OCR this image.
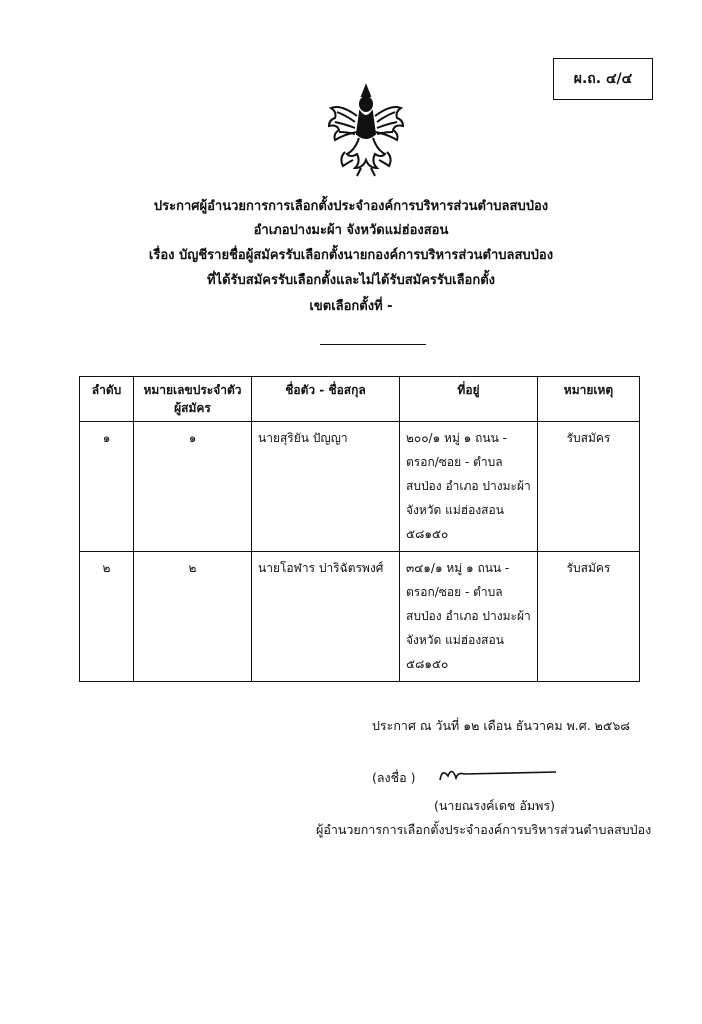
ผ.ถ. ๔/๔
ประกาศผู้อำนวยการการเลือกตั้งประจำองค์การบริหารส่วนตำบลสบป่อง
อำเภอปางมะผ้า จังหวัดแม่ฮ่องสอน
เรื่อง บัญชีรายชื่อผู้สมัครรับเลือกตั้งนายกองค์การบริหารส่วนตำบลสบป่อง
ที่ได้รับสมัครรับเลือกตั้งและไม่ได้รับสมัครรับเลือกตั้ง
เขตเลือกตั้งที่ -
ลำดับ	หมายเลขประจำตัว ผู้สมัคร	ชื่อตัว - ชื่อสกุล	ที่อยู่	หมายเหตุ

๑	๑	นายสุริยัน ปัญญา	๒๐๐/๑ หมู่ ๑ ถนน -
ตรอก/ซอย - ตำบล
สบป่อง อำเภอ ปางมะผ้า
จังหวัด แม่ฮ่องสอน
๕๘๑๕๐	รับสมัคร
๒	๒	นายโอฬาร ปาริฉัตรพงศ์	๓๔๑/๑ หมู่ ๑ ถนน -
ตรอก/ซอย - ตำบล
สบป่อง อำเภอ ปางมะผ้า
จังหวัด แม่ฮ่องสอน
๕๘๑๕๐	รับสมัคร
ประกาศ ณ วันที่ ๑๒ เดือน ธันวาคม พ.ศ. ๒๕๖๘
(ลงชื่อ )
(นายณรงค์เดช อัมพร)
ผู้อำนวยการการเลือกตั้งประจำองค์การบริหารส่วนตำบลสบป่อง
